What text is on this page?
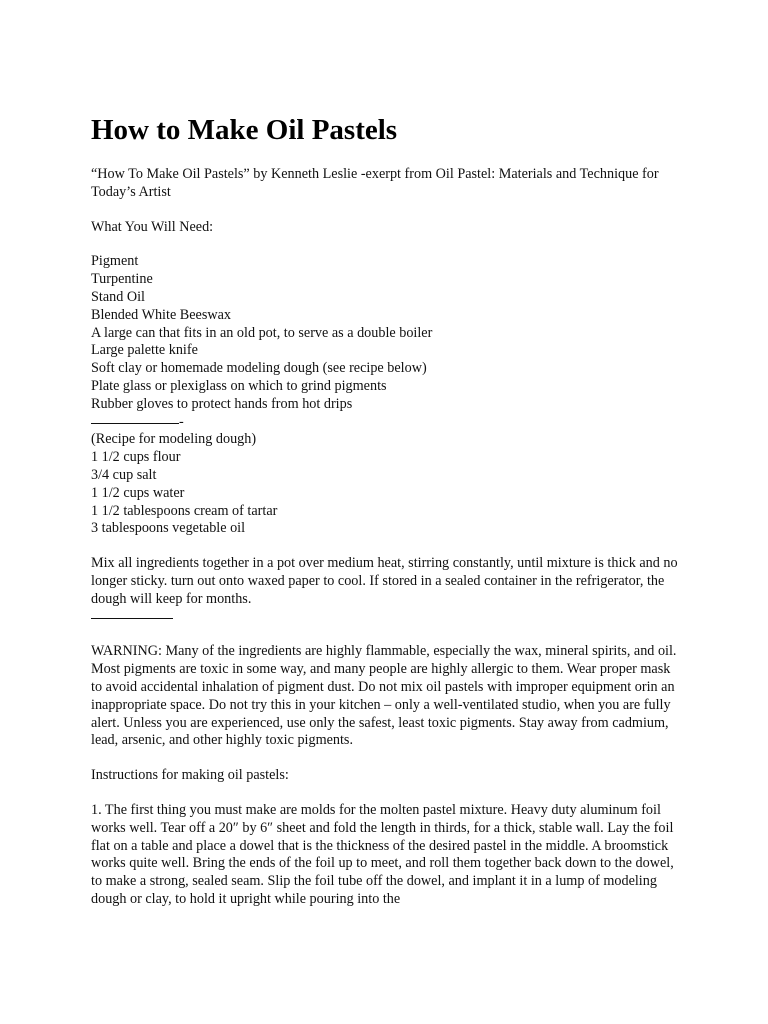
How to Make Oil Pastels
“How To Make Oil Pastels” by Kenneth Leslie -exerpt from Oil Pastel: Materials and Technique for Today’s Artist
What You Will Need:
Pigment
Turpentine
Stand Oil
Blended White Beeswax
A large can that fits in an old pot, to serve as a double boiler
Large palette knife
Soft clay or homemade modeling dough (see recipe below)
Plate glass or plexiglass on which to grind pigments
Rubber gloves to protect hands from hot drips
-
(Recipe for modeling dough)
1 1/2 cups flour
3/4 cup salt
1 1/2 cups water
1 1/2 tablespoons cream of tartar
3 tablespoons vegetable oil
Mix all ingredients together in a pot over medium heat, stirring constantly, until mixture is thick and no longer sticky. turn out onto waxed paper to cool. If stored in a sealed container in the refrigerator, the dough will keep for months.
WARNING: Many of the ingredients are highly flammable, especially the wax, mineral spirits, and oil. Most pigments are toxic in some way, and many people are highly allergic to them. Wear proper mask to avoid accidental inhalation of pigment dust. Do not mix oil pastels with improper equipment orin an inappropriate space. Do not try this in your kitchen – only a well-ventilated studio, when you are fully alert. Unless you are experienced, use only the safest, least toxic pigments. Stay away from cadmium, lead, arsenic, and other highly toxic pigments.
Instructions for making oil pastels:
1. The first thing you must make are molds for the molten pastel mixture. Heavy duty aluminum foil works well. Tear off a 20″ by 6″ sheet and fold the length in thirds, for a thick, stable wall. Lay the foil flat on a table and place a dowel that is the thickness of the desired pastel in the middle. A broomstick works quite well. Bring the ends of the foil up to meet, and roll them together back down to the dowel, to make a strong, sealed seam. Slip the foil tube off the dowel, and implant it in a lump of modeling dough or clay, to hold it upright while pouring into the
